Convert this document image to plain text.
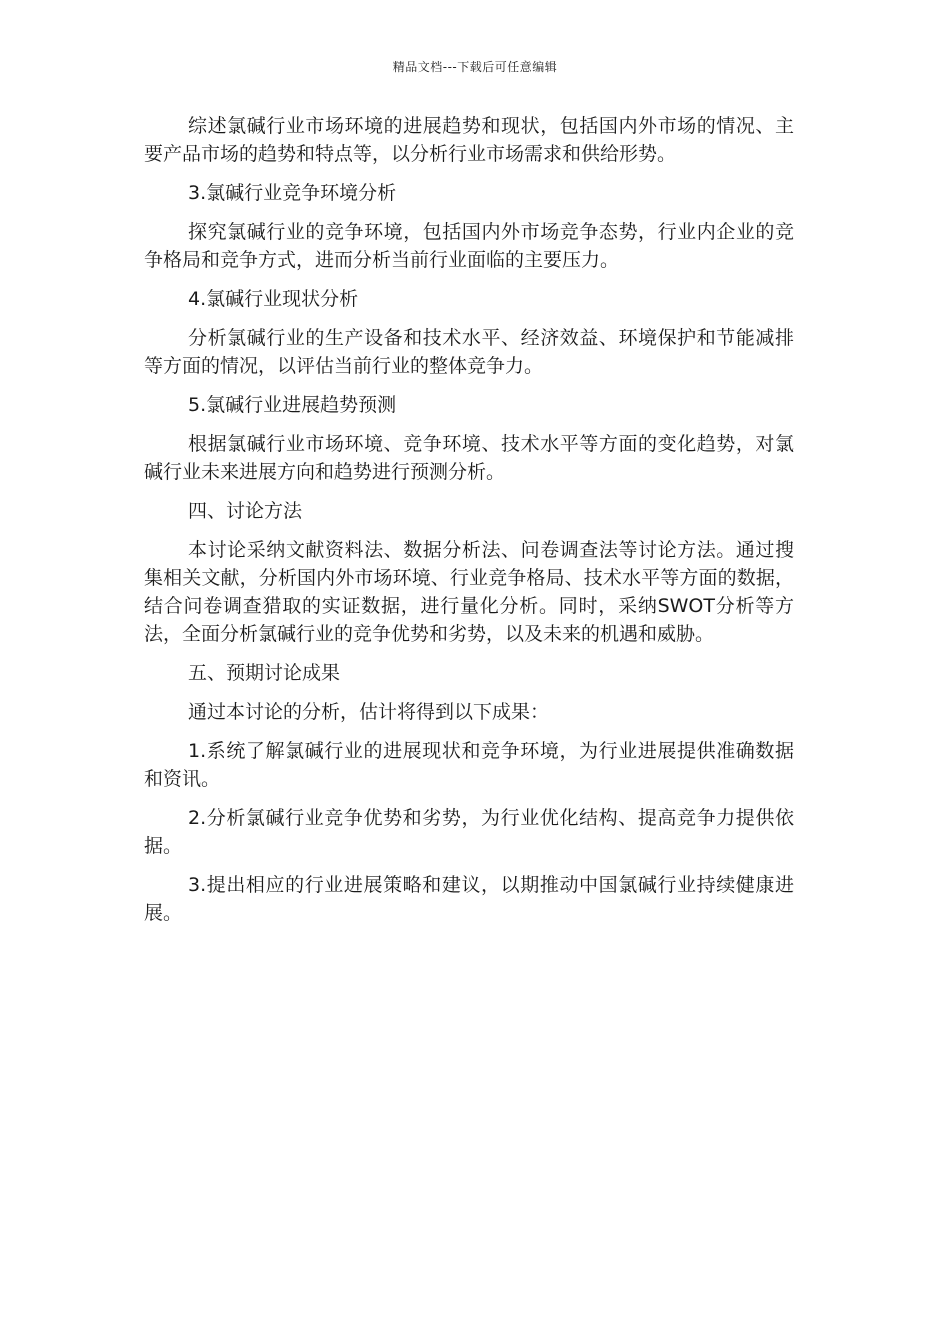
精品文档---下载后可任意编辑

综述氯碱行业市场环境的进展趋势和现状，包括国内外市场的情况、主要产品市场的趋势和特点等，以分析行业市场需求和供给形势。

3.氯碱行业竞争环境分析

探究氯碱行业的竞争环境，包括国内外市场竞争态势，行业内企业的竞争格局和竞争方式，进而分析当前行业面临的主要压力。

4.氯碱行业现状分析

分析氯碱行业的生产设备和技术水平、经济效益、环境保护和节能减排等方面的情况，以评估当前行业的整体竞争力。

5.氯碱行业进展趋势预测

根据氯碱行业市场环境、竞争环境、技术水平等方面的变化趋势，对氯碱行业未来进展方向和趋势进行预测分析。

四、讨论方法

本讨论采纳文献资料法、数据分析法、问卷调查法等讨论方法。通过搜集相关文献，分析国内外市场环境、行业竞争格局、技术水平等方面的数据，结合问卷调查猎取的实证数据，进行量化分析。同时，采纳SWOT分析等方法，全面分析氯碱行业的竞争优势和劣势，以及未来的机遇和威胁。

五、预期讨论成果

通过本讨论的分析，估计将得到以下成果：

1.系统了解氯碱行业的进展现状和竞争环境，为行业进展提供准确数据和资讯。

2.分析氯碱行业竞争优势和劣势，为行业优化结构、提高竞争力提供依据。

3.提出相应的行业进展策略和建议，以期推动中国氯碱行业持续健康进展。
